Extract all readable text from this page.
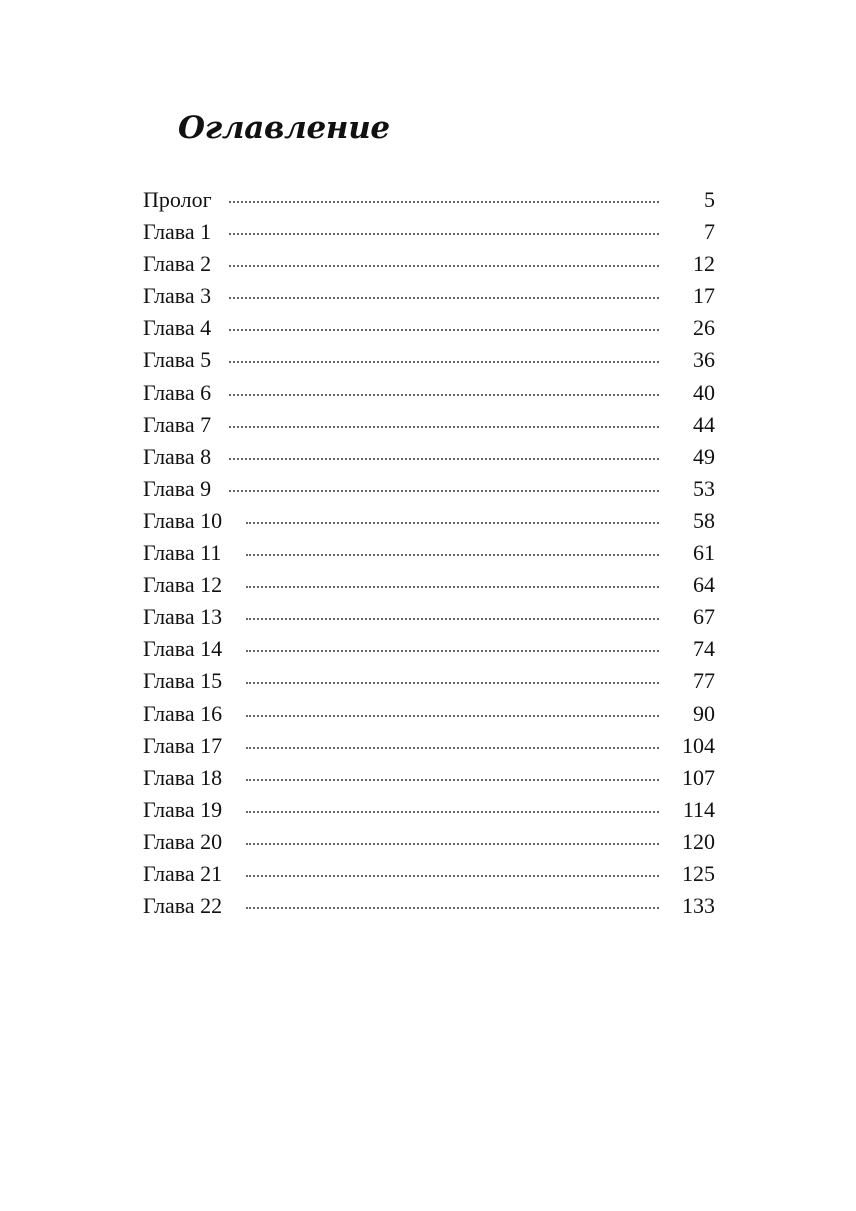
Оглавление
Пролог	5
Глава 1	7
Глава 2	12
Глава 3	17
Глава 4	26
Глава 5	36
Глава 6	40
Глава 7	44
Глава 8	49
Глава 9	53
Глава 10	58
Глава 11	61
Глава 12	64
Глава 13	67
Глава 14	74
Глава 15	77
Глава 16	90
Глава 17	104
Глава 18	107
Глава 19	114
Глава 20	120
Глава 21	125
Глава 22	133
